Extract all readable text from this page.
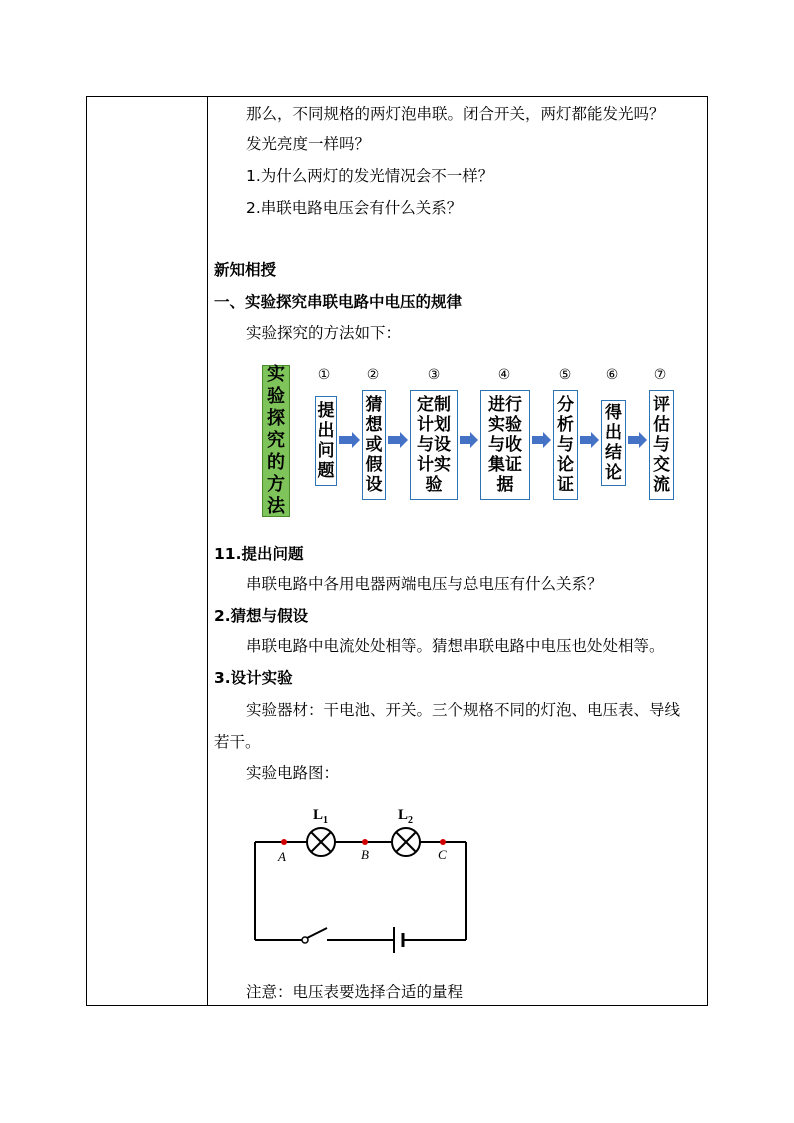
那么，不同规格的两灯泡串联。闭合开关，两灯都能发光吗？
发光亮度一样吗？
1.为什么两灯的发光情况会不一样？
2.串联电路电压会有什么关系？
新知相授
一、实验探究串联电路中电压的规律
实验探究的方法如下：
实验探究的方法
①	②	③	④	⑤ ⑥	⑦
提出问题
猜想或假设
定制计划与设计实验
进行实验与收集证据
分析与论证
得出结论
评估与交流
11.提出问题
串联电路中各用电器两端电压与总电压有什么关系？
2.猜想与假设
串联电路中电流处处相等。猜想串联电路中电压也处处相等。
3.设计实验
实验器材：干电池、开关。三个规格不同的灯泡、电压表、导线
若干。
实验电路图：
$L_1$	$L_2$
A	B	C
注意：电压表要选择合适的量程
